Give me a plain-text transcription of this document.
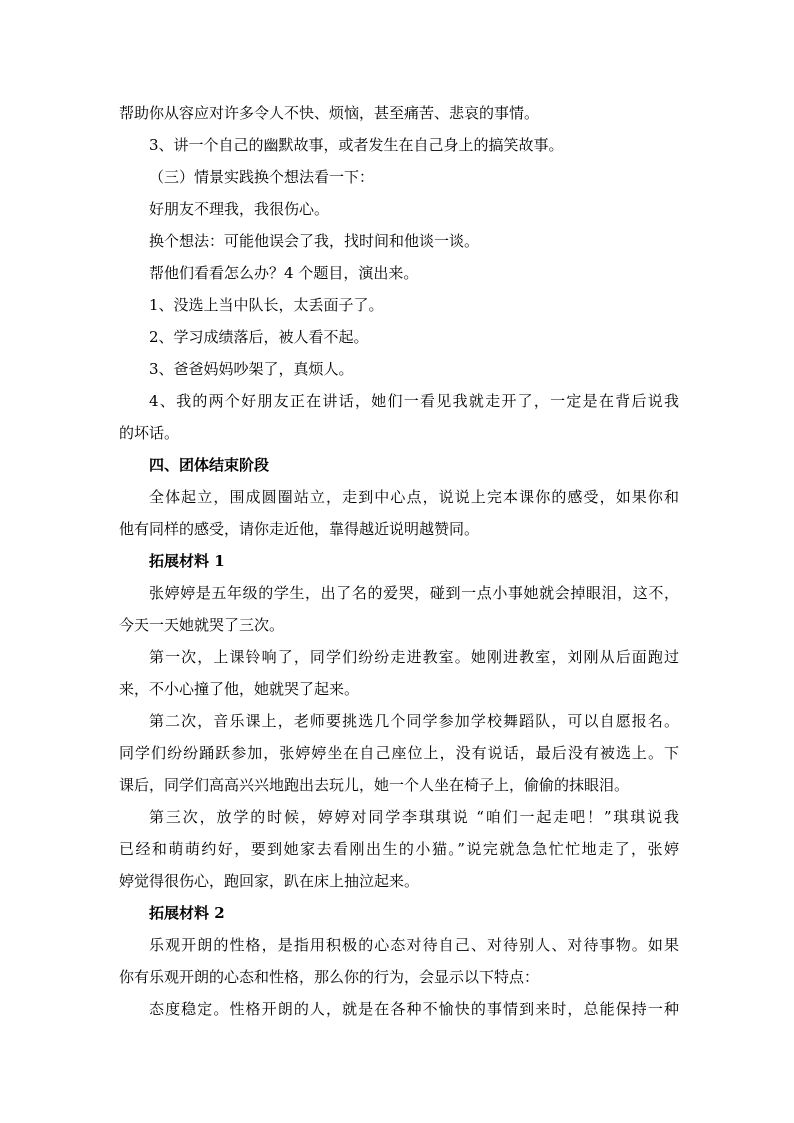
帮助你从容应对许多令人不快、烦恼，甚至痛苦、悲哀的事情。
3、讲一个自己的幽默故事，或者发生在自己身上的搞笑故事。
（三）情景实践换个想法看一下：
好朋友不理我，我很伤心。
换个想法：可能他误会了我，找时间和他谈一谈。
帮他们看看怎么办？4 个题目，演出来。
1、没选上当中队长，太丢面子了。
2、学习成绩落后，被人看不起。
3、爸爸妈妈吵架了，真烦人。
4、我的两个好朋友正在讲话，她们一看见我就走开了，一定是在背后说我
的坏话。
四、团体结束阶段
全体起立，围成圆圈站立，走到中心点，说说上完本课你的感受，如果你和
他有同样的感受，请你走近他，靠得越近说明越赞同。
拓展材料 1
张婷婷是五年级的学生，出了名的爱哭，碰到一点小事她就会掉眼泪，这不，
今天一天她就哭了三次。
第一次，上课铃响了，同学们纷纷走进教室。她刚进教室，刘刚从后面跑过
来，不小心撞了他，她就哭了起来。
第二次，音乐课上，老师要挑选几个同学参加学校舞蹈队，可以自愿报名。
同学们纷纷踊跃参加，张婷婷坐在自己座位上，没有说话，最后没有被选上。下
课后，同学们高高兴兴地跑出去玩儿，她一个人坐在椅子上，偷偷的抹眼泪。
第三次，放学的时候，婷婷对同学李琪琪说 “咱们一起走吧！”琪琪说我
已经和萌萌约好，要到她家去看刚出生的小猫。”说完就急急忙忙地走了，张婷
婷觉得很伤心，跑回家，趴在床上抽泣起来。
拓展材料 2
乐观开朗的性格，是指用积极的心态对待自己、对待别人、对待事物。如果
你有乐观开朗的心态和性格，那么你的行为，会显示以下特点：
态度稳定。性格开朗的人，就是在各种不愉快的事情到来时，总能保持一种
